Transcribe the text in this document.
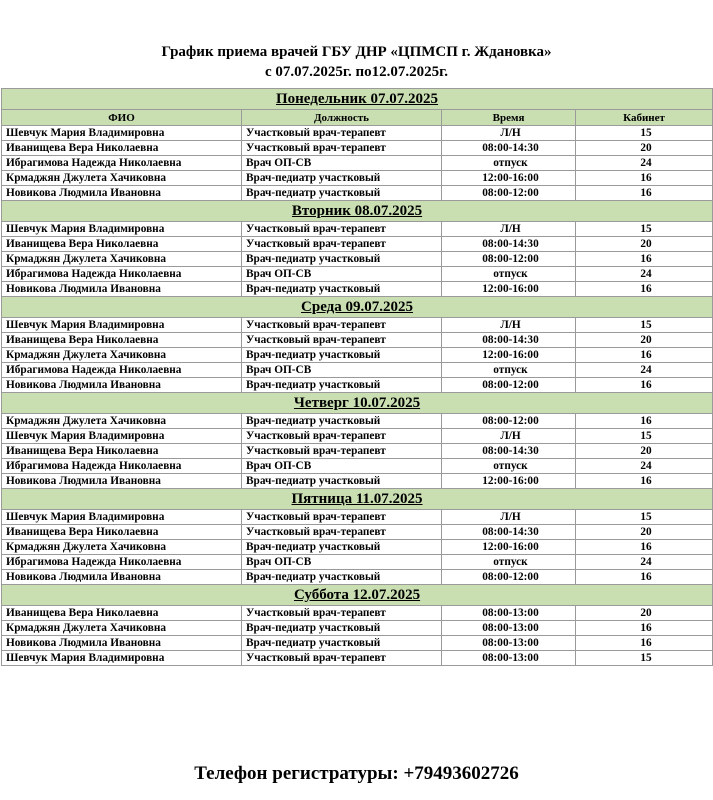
График приема врачей ГБУ ДНР «ЦПМСП г. Ждановка»
с 07.07.2025г. по12.07.2025г.
Понедельник 07.07.2025			
ФИО	Должность	Время	Кабинет
Шевчук Мария Владимировна	Участковый врач-терапевт	Л/Н	15
Иванищева Вера Николаевна	Участковый врач-терапевт	08:00-14:30	20
Ибрагимова Надежда Николаевна	Врач ОП-СВ	отпуск	24
Крмаджян Джулета Хачиковна	Врач-педиатр участковый	12:00-16:00	16
Новикова Людмила Ивановна	Врач-педиатр участковый	08:00-12:00	16
Вторник 08.07.2025			
Шевчук Мария Владимировна	Участковый врач-терапевт	Л/Н	15
Иванищева Вера Николаевна	Участковый врач-терапевт	08:00-14:30	20
Крмаджян Джулета Хачиковна	Врач-педиатр участковый	08:00-12:00	16
Ибрагимова Надежда Николаевна	Врач ОП-СВ	отпуск	24
Новикова Людмила Ивановна	Врач-педиатр участковый	12:00-16:00	16
Среда 09.07.2025			
Шевчук Мария Владимировна	Участковый врач-терапевт	Л/Н	15
Иванищева Вера Николаевна	Участковый врач-терапевт	08:00-14:30	20
Крмаджян Джулета Хачиковна	Врач-педиатр участковый	12:00-16:00	16
Ибрагимова Надежда Николаевна	Врач ОП-СВ	отпуск	24
Новикова Людмила Ивановна	Врач-педиатр участковый	08:00-12:00	16
Четверг 10.07.2025			
Крмаджян Джулета Хачиковна	Врач-педиатр участковый	08:00-12:00	16
Шевчук Мария Владимировна	Участковый врач-терапевт	Л/Н	15
Иванищева Вера Николаевна	Участковый врач-терапевт	08:00-14:30	20
Ибрагимова Надежда Николаевна	Врач ОП-СВ	отпуск	24
Новикова Людмила Ивановна	Врач-педиатр участковый	12:00-16:00	16
Пятница 11.07.2025			
Шевчук Мария Владимировна	Участковый врач-терапевт	Л/Н	15
Иванищева Вера Николаевна	Участковый врач-терапевт	08:00-14:30	20
Крмаджян Джулета Хачиковна	Врач-педиатр участковый	12:00-16:00	16
Ибрагимова Надежда Николаевна	Врач ОП-СВ	отпуск	24
Новикова Людмила Ивановна	Врач-педиатр участковый	08:00-12:00	16
Суббота 12.07.2025			
Иванищева Вера Николаевна	Участковый врач-терапевт	08:00-13:00	20
Крмаджян Джулета Хачиковна	Врач-педиатр участковый	08:00-13:00	16
Новикова Людмила Ивановна	Врач-педиатр участковый	08:00-13:00	16
Шевчук Мария Владимировна	Участковый врач-терапевт	08:00-13:00	15
Телефон регистратуры: +79493602726
